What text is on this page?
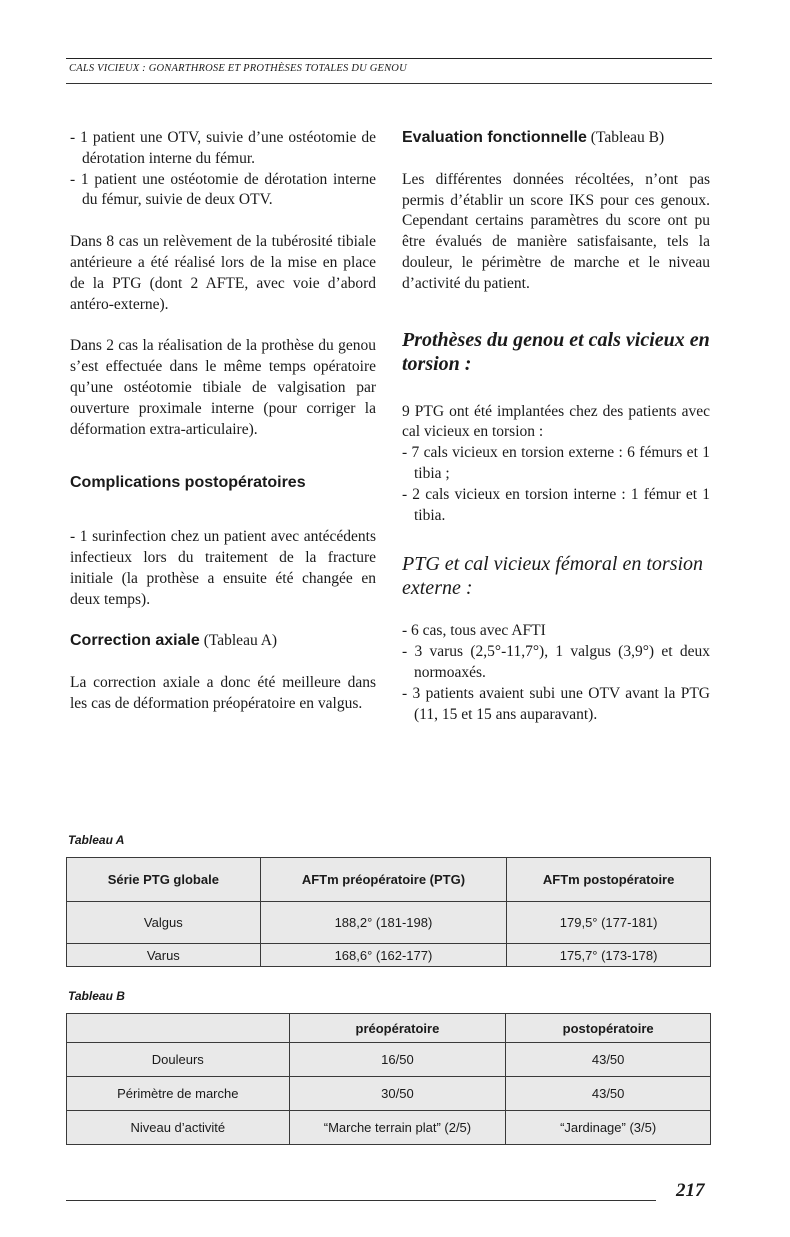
CALS VICIEUX : GONARTHROSE ET PROTHÈSES TOTALES DU GENOU

- 1 patient une OTV, suivie d’une ostéotomie de dérotation interne du fémur.

- 1 patient une ostéotomie de dérotation interne du fémur, suivie de deux OTV.

Dans 8 cas un relèvement de la tubérosité tibiale antérieure a été réalisé lors de la mise en place de la PTG (dont 2 AFTE, avec voie d’abord antéro-externe).

Dans 2 cas la réalisation de la prothèse du genou s’est effectuée dans le même temps opératoire qu’une ostéotomie tibiale de valgisation par ouverture proximale interne (pour corriger la déformation extra-articulaire).

Complications postopératoires

- 1 surinfection chez un patient avec antécédents infectieux lors du traitement de la fracture initiale (la prothèse a ensuite été changée en deux temps).

Correction axiale (Tableau A)

La correction axiale a donc été meilleure dans les cas de déformation préopératoire en valgus.

Evaluation fonctionnelle (Tableau B)

Les différentes données récoltées, n’ont pas permis d’établir un score IKS pour ces genoux. Cependant certains paramètres du score ont pu être évalués de manière satisfaisante, tels la douleur, le périmètre de marche et le niveau d’activité du patient.

Prothèses du genou et cals vicieux en torsion :

9 PTG ont été implantées chez des patients avec cal vicieux en torsion :

- 7 cals vicieux en torsion externe : 6 fémurs et 1 tibia ;

- 2 cals vicieux en torsion interne : 1 fémur et 1 tibia.

PTG et cal vicieux fémoral en torsion externe :

- 6 cas, tous avec AFTI

- 3 varus (2,5°-11,7°), 1 valgus (3,9°) et deux normoaxés.

- 3 patients avaient subi une OTV avant la PTG (11, 15 et 15 ans auparavant).

Tableau A
Série PTG globale	AFTm préopératoire (PTG)	AFTm postopératoire
Valgus	188,2° (181-198)	179,5° (177-181)
Varus	168,6° (162-177)	175,7° (173-178)
Tableau B
	préopératoire	postopératoire
Douleurs	16/50	43/50
Périmètre de marche	30/50	43/50
Niveau d’activité	“Marche terrain plat” (2/5)	“Jardinage” (3/5)
217
